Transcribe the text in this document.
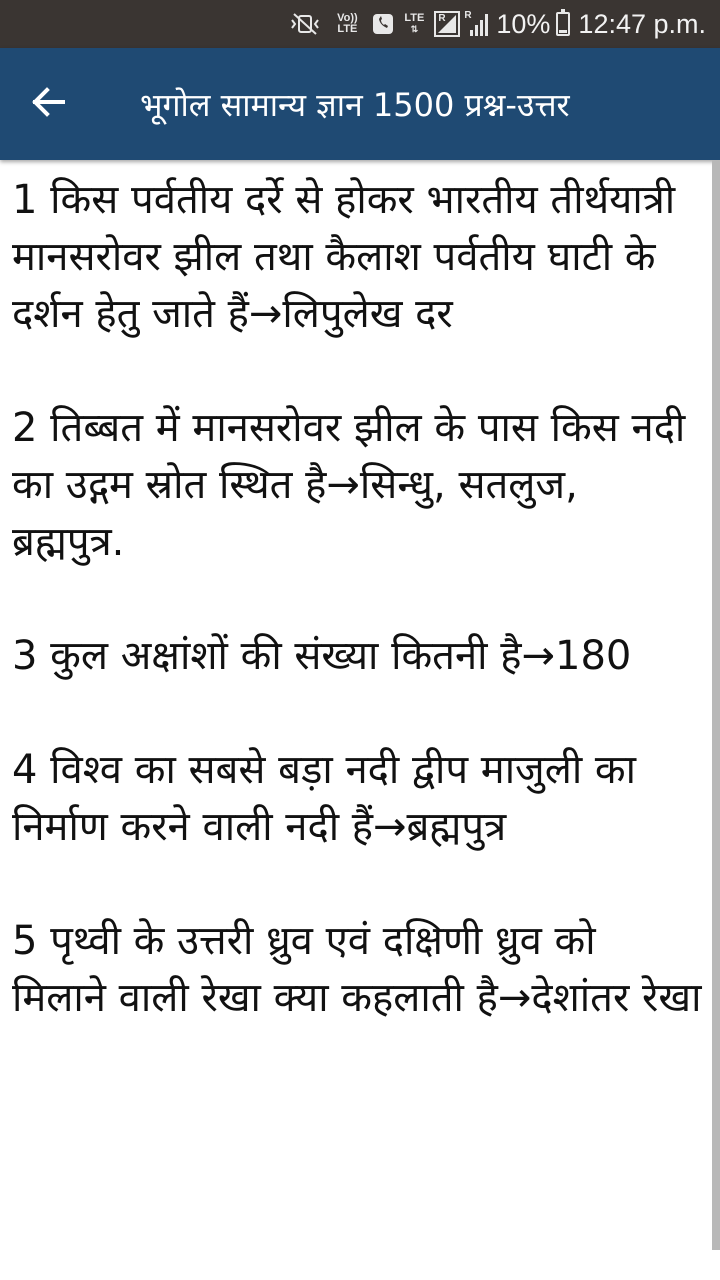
Vo)) LTE
LTE
⇅
R R 10% 12:47 p.m.
भूगोल सामान्य ज्ञान 1500 प्रश्न-उत्तर

1 किस पर्वतीय दर्रे से होकर भारतीय तीर्थयात्री मानसरोवर झील तथा कैलाश पर्वतीय घाटी के दर्शन हेतु जाते हैं→लिपुलेख दर

2 तिब्बत में मानसरोवर झील के पास किस नदी का उद्गम स्रोत स्थित है→सिन्धु, सतलुज, ब्रह्मपुत्र.

3 कुल अक्षांशों की संख्या कितनी है→180

4 विश्व का सबसे बड़ा नदी द्वीप माजुली का निर्माण करने वाली नदी हैं→ब्रह्मपुत्र

5 पृथ्वी के उत्तरी ध्रुव एवं दक्षिणी ध्रुव को मिलाने वाली रेखा क्या कहलाती है→देशांतर रेखा
